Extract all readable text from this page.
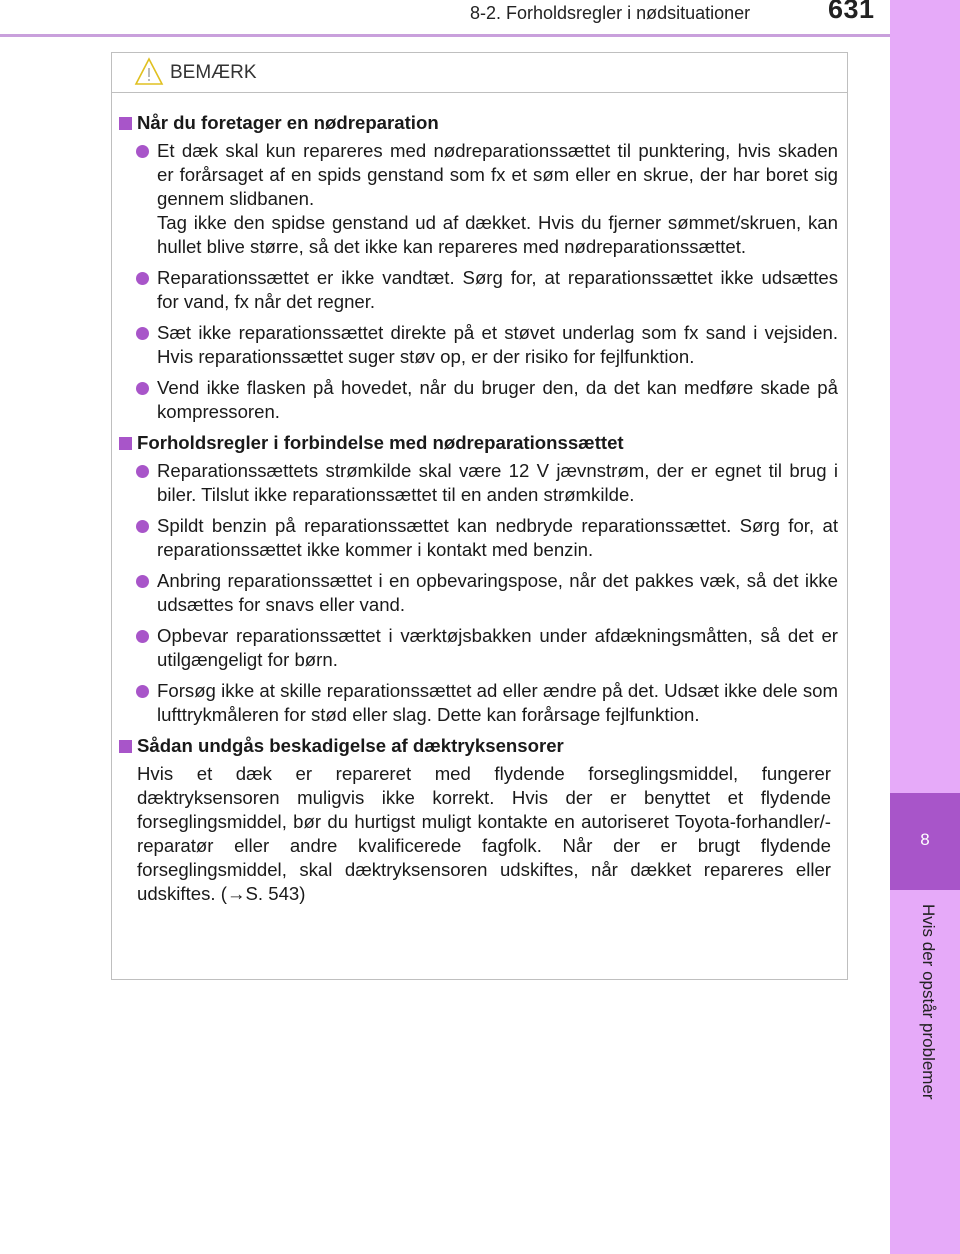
8-2. Forholdsregler i nødsituationer	631
8
Hvis der opstår problemer
BEMÆRK
Når du foretager en nødreparation
Et dæk skal kun repareres med nødreparationssættet til punktering, hvis skaden er forårsaget af en spids genstand som fx et søm eller en skrue, der har boret sig gennem slidbanen.
Tag ikke den spidse genstand ud af dækket. Hvis du fjerner sømmet/skruen, kan hullet blive større, så det ikke kan repareres med nødreparationssættet.
Reparationssættet er ikke vandtæt. Sørg for, at reparationssættet ikke udsættes for vand, fx når det regner.
Sæt ikke reparationssættet direkte på et støvet underlag som fx sand i vejsiden. Hvis reparationssættet suger støv op, er der risiko for fejlfunktion.
Vend ikke flasken på hovedet, når du bruger den, da det kan medføre skade på kompressoren.
Forholdsregler i forbindelse med nødreparationssættet
Reparationssættets strømkilde skal være 12 V jævnstrøm, der er egnet til brug i biler. Tilslut ikke reparationssættet til en anden strømkilde.
Spildt benzin på reparationssættet kan nedbryde reparationssættet. Sørg for, at reparationssættet ikke kommer i kontakt med benzin.
Anbring reparationssættet i en opbevaringspose, når det pakkes væk, så det ikke udsættes for snavs eller vand.
Opbevar reparationssættet i værktøjsbakken under afdækningsmåtten, så det er utilgængeligt for børn.
Forsøg ikke at skille reparationssættet ad eller ændre på det. Udsæt ikke dele som lufttrykmåleren for stød eller slag. Dette kan forårsage fejlfunktion.
Sådan undgås beskadigelse af dæktryksensorer
Hvis et dæk er repareret med flydende forseglingsmiddel, fungerer dæktryksensoren muligvis ikke korrekt. Hvis der er benyttet et flydende forseglingsmiddel, bør du hurtigst muligt kontakte en autoriseret Toyota-forhandler/-reparatør eller andre kvalificerede fagfolk. Når der er brugt flydende forseglingsmiddel, skal dæktryksensoren udskiftes, når dækket repareres eller udskiftes. (→S. 543)
